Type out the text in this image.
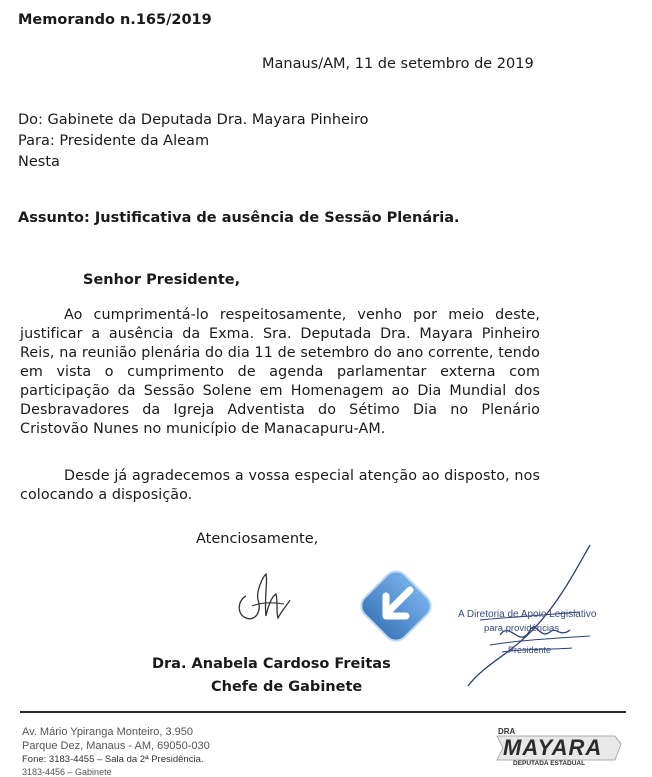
Memorando n.165/2019
Manaus/AM, 11 de setembro de 2019
Do: Gabinete da Deputada Dra. Mayara Pinheiro
Para: Presidente da Aleam
Nesta
Assunto: Justificativa de ausência de Sessão Plenária.
Senhor Presidente,
Ao cumprimentá-lo respeitosamente, venho por meio deste, justificar a ausência da Exma. Sra. Deputada Dra. Mayara Pinheiro Reis, na reunião plenária do dia 11 de setembro do ano corrente, tendo em vista o cumprimento de agenda parlamentar externa com participação da Sessão Solene em Homenagem ao Dia Mundial dos Desbravadores da Igreja Adventista do Sétimo Dia no Plenário Cristovão Nunes no município de Manacapuru-AM.
Desde já agradecemos a vossa especial atenção ao disposto, nos colocando a disposição.
Atenciosamente,
Dra. Anabela Cardoso Freitas
Chefe de Gabinete
A Diretoria de Apoio Legislativo
para providências
Presidente
Av. Mário Ypiranga Monteiro, 3.950
Parque Dez, Manaus - AM, 69050-030
Fone: 3183-4455 – Sala da 2ª Presidência.
3183-4456 – Gabinete
DRA
MAYARA
DEPUTADA ESTADUAL
